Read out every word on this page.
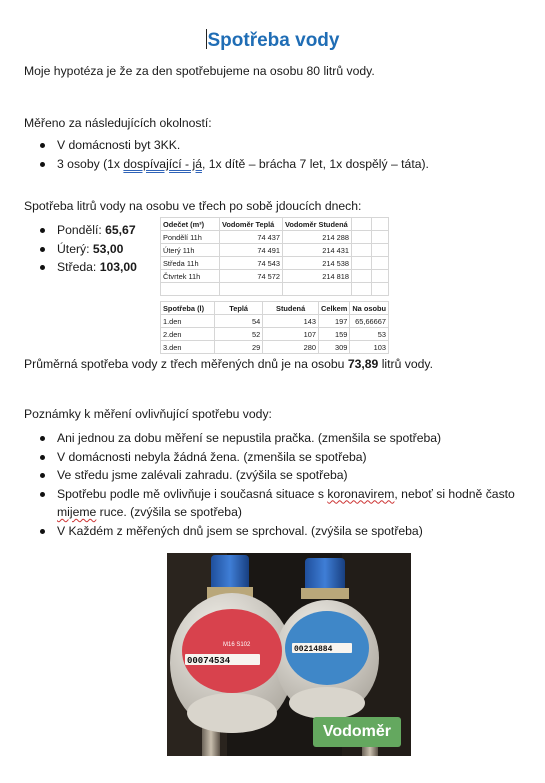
Spotřeba vody
Moje hypotéza je že za den spotřebujeme na osobu 80 litrů vody.
Měřeno za následujících okolností:
V domácnosti byt 3KK.
3 osoby (1x dospívající - já, 1x dítě – brácha 7 let, 1x dospělý – táta).
Spotřeba litrů vody na osobu ve třech po sobě jdoucích dnech:
Pondělí: 65,67
Úterý: 53,00
Středa: 103,00
Odečet (m³)	Vodoměr Teplá	Vodoměr Studená		
Pondělí 11h	74 437	214 288		
Úterý 11h	74 491	214 431		
Středa 11h	74 543	214 538		
Čtvrtek 11h	74 572	214 818		

Spotřeba (l)	Teplá	Studená	Celkem	Na osobu
1.den	54	143	197	65,66667
2.den	52	107	159	53
3.den	29	280	309	103
Průměrná spotřeba vody z třech měřených dnů je na osobu 73,89 litrů vody.
Poznámky k měření ovlivňující spotřebu vody:
Ani jednou za dobu měření se nepustila pračka. (zmenšila se spotřeba)
V domácnosti nebyla žádná žena. (zmenšila se spotřeba)
Ve středu jsme zalévali zahradu. (zvýšila se spotřeba)
Spotřebu podle mě ovlivňuje i současná situace s koronavirem, neboť si hodně často
mijeme ruce. (zvýšila se spotřeba)
V Každém z měřených dnů jsem se sprchoval. (zvýšila se spotřeba)
M16 S102
00074534
00214884
Vodoměr
